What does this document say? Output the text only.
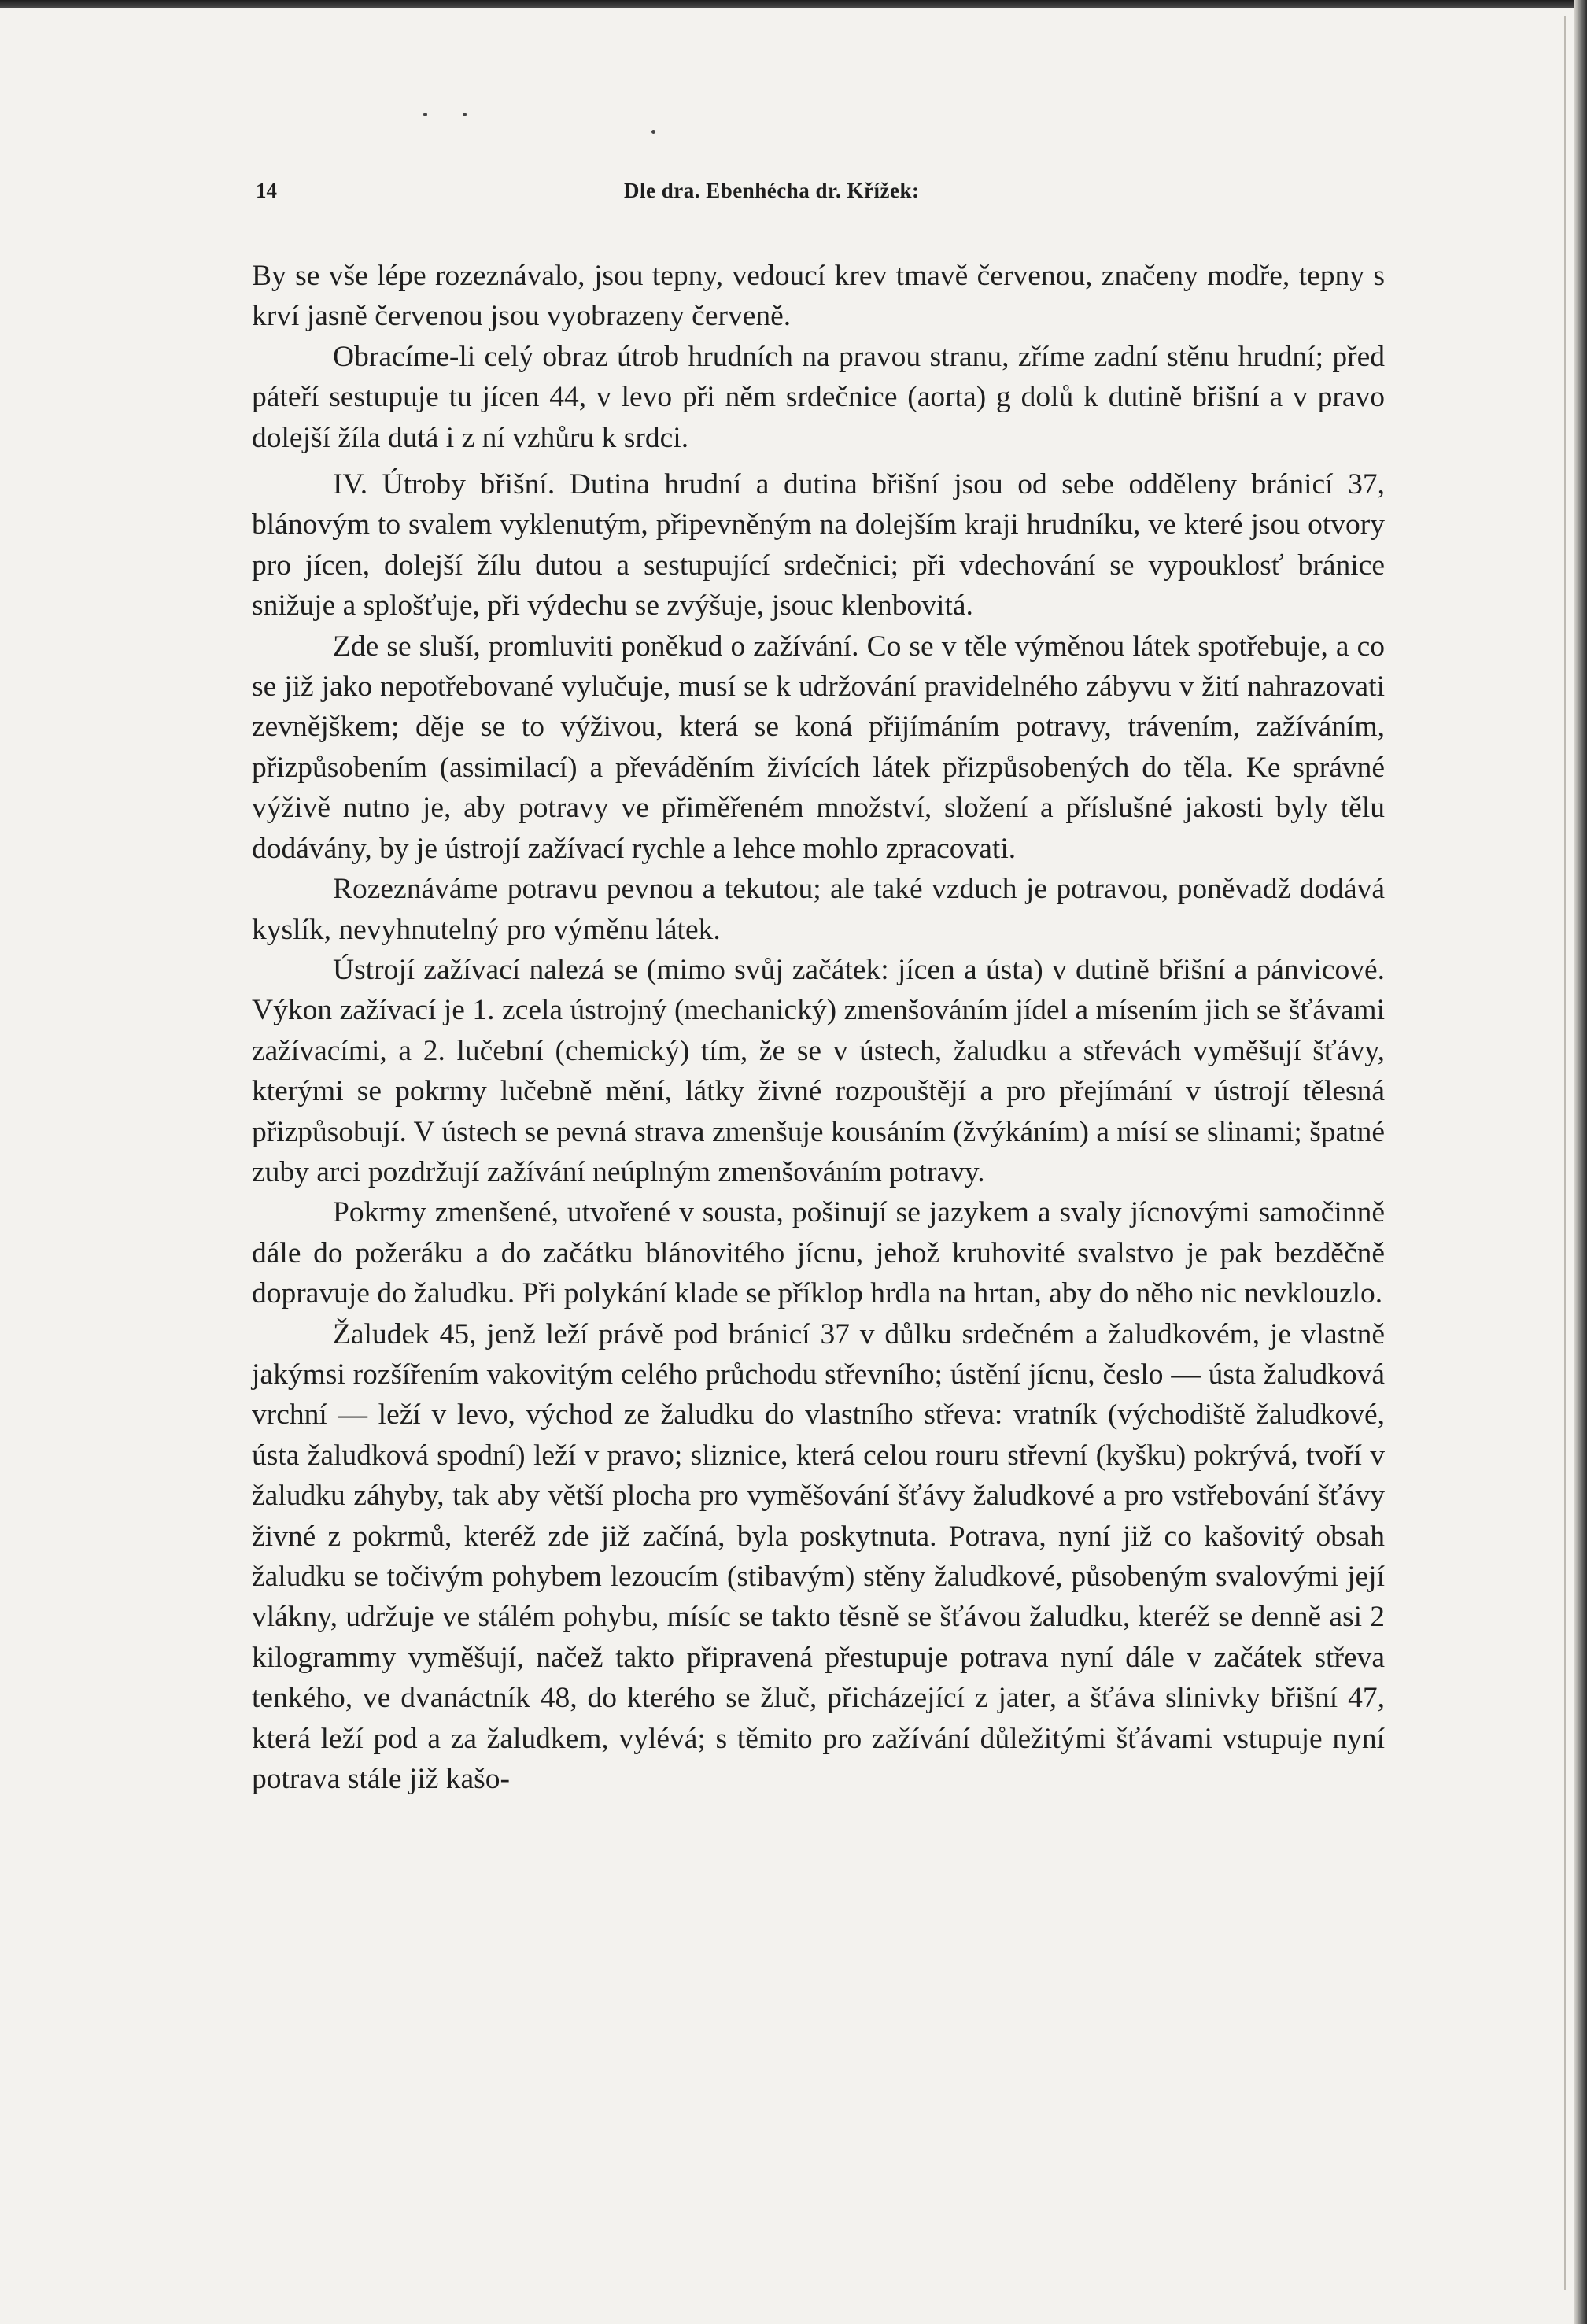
14	Dle dra. Ebenhécha dr. Křížek:

By se vše lépe rozeznávalo, jsou tepny, vedoucí krev tmavě červenou, značeny modře, tepny s krví jasně červenou jsou vyobrazeny červeně.

Obracíme-li celý obraz útrob hrudních na pravou stranu, zříme zadní stěnu hrudní; před páteří sestupuje tu jícen 44, v levo při něm srdečnice (aorta) g dolů k dutině břišní a v pravo dolejší žíla dutá i z ní vzhůru k srdci.

IV. Útroby břišní. Dutina hrudní a dutina břišní jsou od sebe odděleny bránicí 37, blánovým to svalem vyklenutým, připevněným na dolejším kraji hrudníku, ve které jsou otvory pro jícen, dolejší žílu dutou a sestupující srdečnici; při vdechování se vypouklosť bránice snižuje a splošťuje, při výdechu se zvýšuje, jsouc klenbovitá.

Zde se sluší, promluviti poněkud o zažívání. Co se v těle výměnou látek spotřebuje, a co se již jako nepotřebované vylučuje, musí se k udržování pravidelného zábyvu v žití nahrazovati zevnějškem; děje se to výživou, která se koná přijímáním potravy, trávením, zažíváním, přizpůsobením (assimilací) a převáděním živících látek přizpůsobených do těla. Ke správné výživě nutno je, aby potravy ve přiměřeném množství, složení a příslušné jakosti byly tělu dodávány, by je ústrojí zažívací rychle a lehce mohlo zpracovati.

Rozeznáváme potravu pevnou a tekutou; ale také vzduch je potravou, poněvadž dodává kyslík, nevyhnutelný pro výměnu látek.

Ústrojí zažívací nalezá se (mimo svůj začátek: jícen a ústa) v dutině břišní a pánvicové. Výkon zažívací je 1. zcela ústrojný (mechanický) zmenšováním jídel a mísením jich se šťávami zažívacími, a 2. lučební (chemický) tím, že se v ústech, žaludku a střevách vyměšují šťávy, kterými se pokrmy lučebně mění, látky živné rozpouštějí a pro přejímání v ústrojí tělesná přizpůsobují. V ústech se pevná strava zmenšuje kousáním (žvýkáním) a mísí se slinami; špatné zuby arci pozdržují zažívání neúplným zmenšováním potravy.

Pokrmy zmenšené, utvořené v sousta, pošinují se jazykem a svaly jícnovými samočinně dále do požeráku a do začátku blánovitého jícnu, jehož kruhovité svalstvo je pak bezděčně dopravuje do žaludku. Při polykání klade se příklop hrdla na hrtan, aby do něho nic nevklouzlo.

Žaludek 45, jenž leží právě pod bránicí 37 v důlku srdečném a žaludkovém, je vlastně jakýmsi rozšířením vakovitým celého průchodu střevního; ústění jícnu, česlo — ústa žaludková vrchní — leží v levo, východ ze žaludku do vlastního střeva: vratník (východiště žaludkové, ústa žaludková spodní) leží v pravo; sliznice, která celou rouru střevní (kyšku) pokrývá, tvoří v žaludku záhyby, tak aby větší plocha pro vyměšování šťávy žaludkové a pro vstřebování šťávy živné z pokrmů, kteréž zde již začíná, byla poskytnuta. Potrava, nyní již co kašovitý obsah žaludku se točivým pohybem lezoucím (stibavým) stěny žaludkové, působeným svalovými její vlákny, udržuje ve stálém pohybu, mísíc se takto těsně se šťávou žaludku, kteréž se denně asi 2 kilogrammy vyměšují, načež takto připravená přestupuje potrava nyní dále v začátek střeva tenkého, ve dvanáctník 48, do kterého se žluč, přicházející z jater, a šťáva slinivky břišní 47, která leží pod a za žaludkem, vylévá; s těmito pro zažívání důležitými šťávami vstupuje nyní potrava stále již kašo-
